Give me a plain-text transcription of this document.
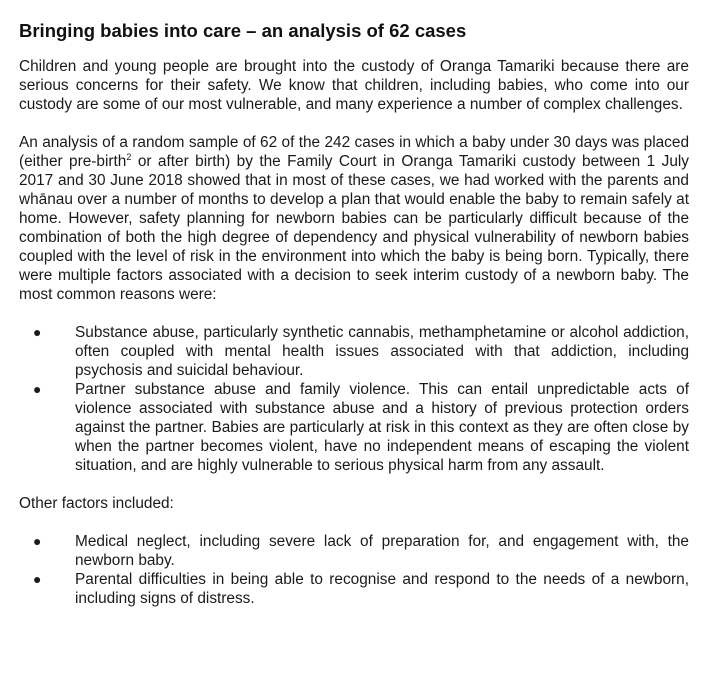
Bringing babies into care – an analysis of 62 cases

Children and young people are brought into the custody of Oranga Tamariki because there are serious concerns for their safety. We know that children, including babies, who come into our custody are some of our most vulnerable, and many experience a number of complex challenges.

An analysis of a random sample of 62 of the 242 cases in which a baby under 30 days was placed (either pre-birth$^2$ or after birth) by the Family Court in Oranga Tamariki custody between 1 July 2017 and 30 June 2018 showed that in most of these cases, we had worked with the parents and whānau over a number of months to develop a plan that would enable the baby to remain safely at home. However, safety planning for newborn babies can be particularly difficult because of the combination of both the high degree of dependency and physical vulnerability of newborn babies coupled with the level of risk in the environment into which the baby is being born. Typically, there were multiple factors associated with a decision to seek interim custody of a newborn baby. The most common reasons were:

● Substance abuse, particularly synthetic cannabis, methamphetamine or alcohol addiction, often coupled with mental health issues associated with that addiction, including psychosis and suicidal behaviour.
● Partner substance abuse and family violence. This can entail unpredictable acts of violence associated with substance abuse and a history of previous protection orders against the partner. Babies are particularly at risk in this context as they are often close by when the partner becomes violent, have no independent means of escaping the violent situation, and are highly vulnerable to serious physical harm from any assault.

Other factors included:

● Medical neglect, including severe lack of preparation for, and engagement with, the newborn baby.
● Parental difficulties in being able to recognise and respond to the needs of a newborn, including signs of distress.
